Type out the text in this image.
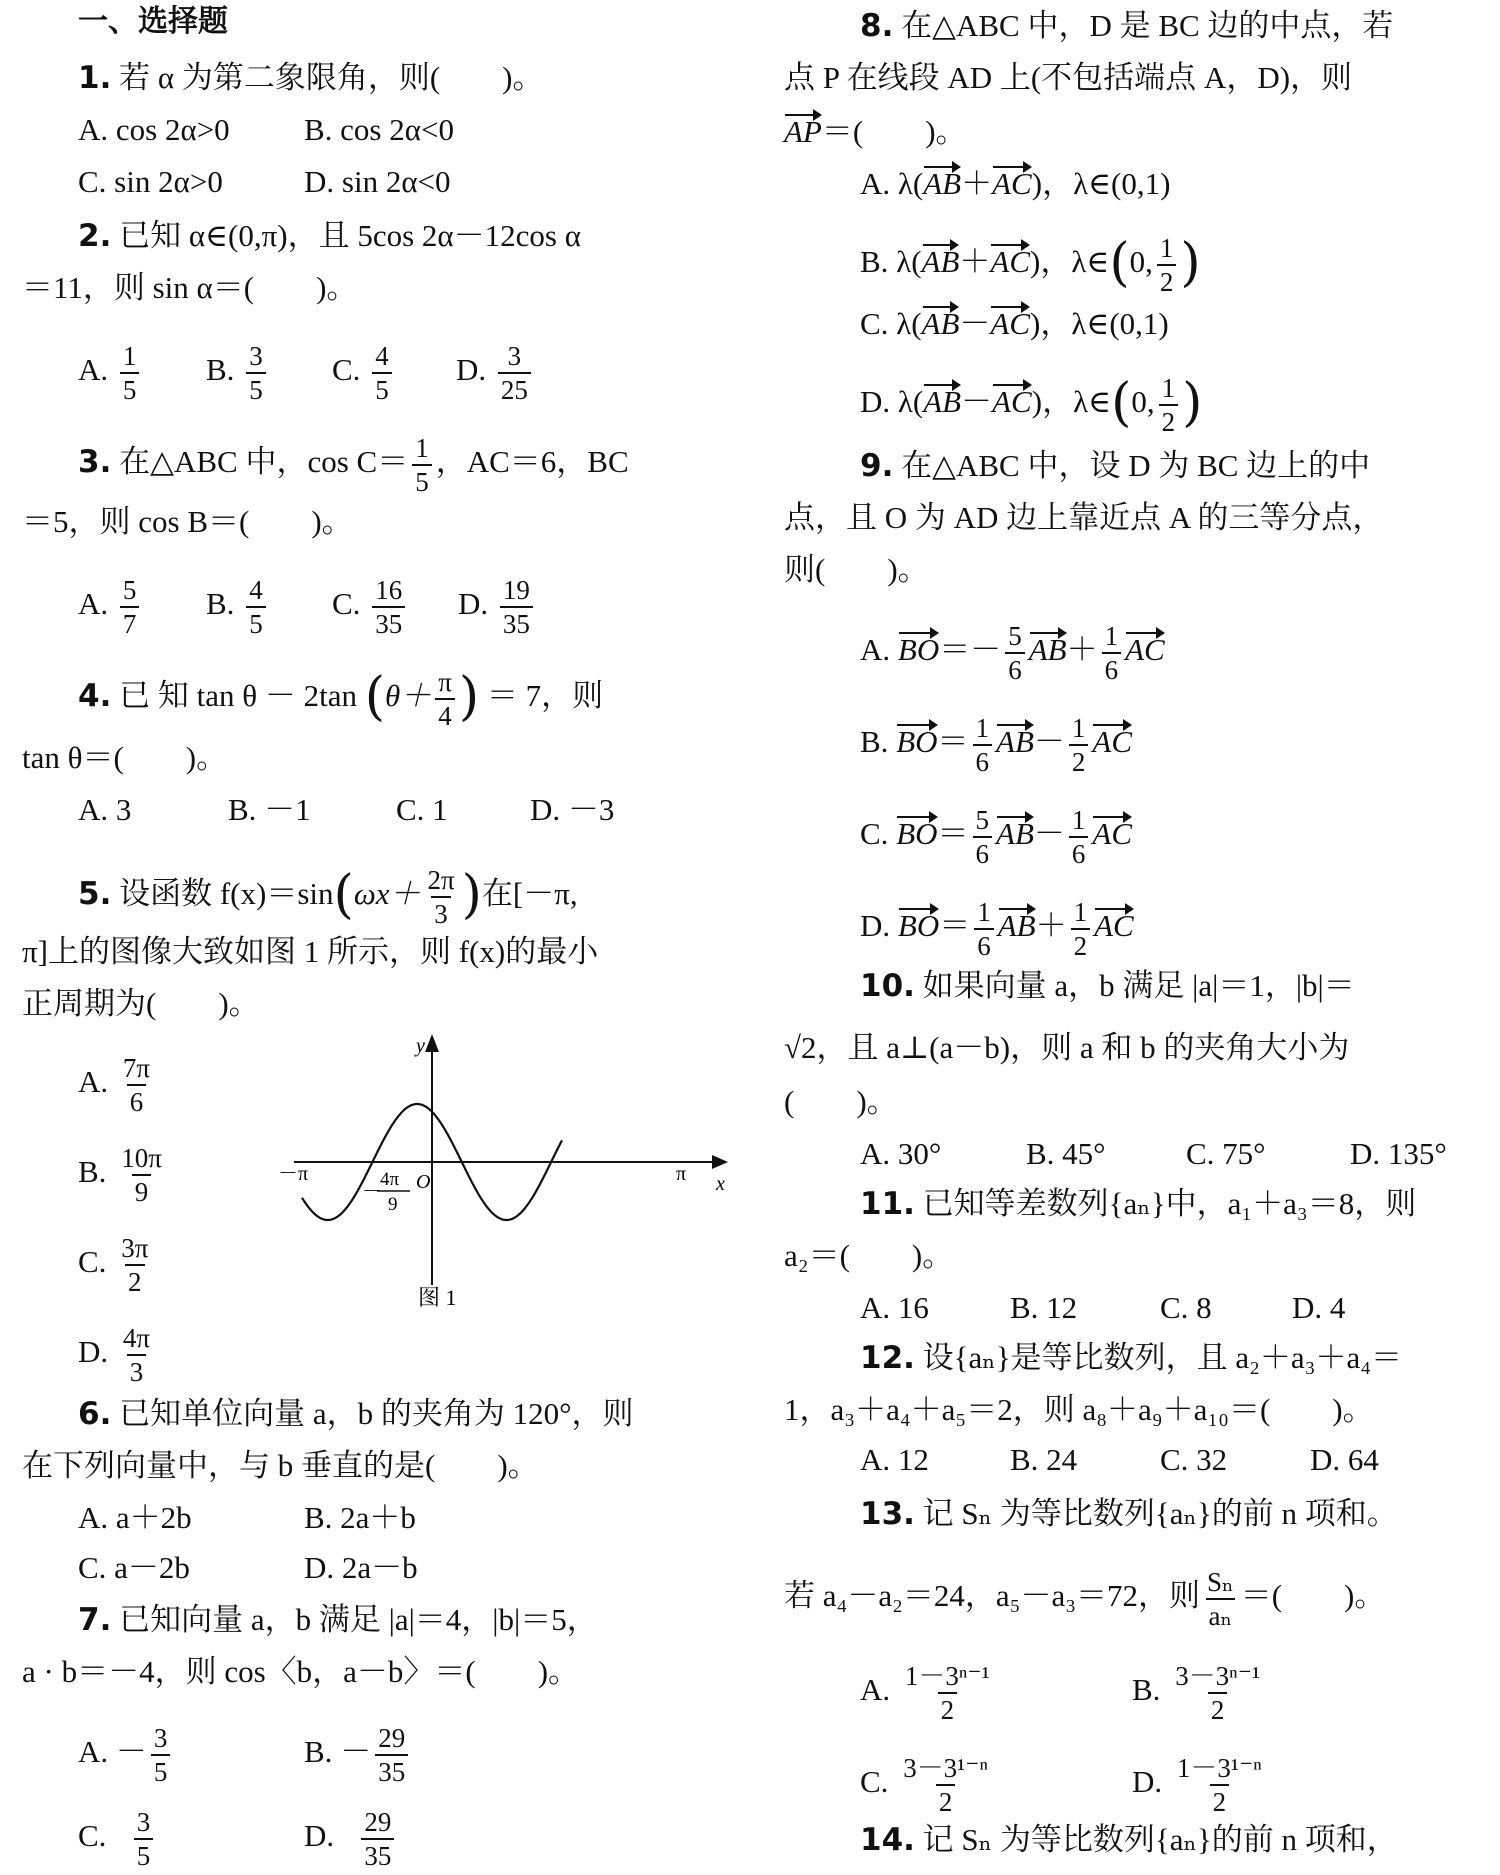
一、选择题
1. 若 α 为第二象限角，则(　　)。
A. cos 2α>0 B. cos 2α<0
C. sin 2α>0	D. sin 2α<0
2. 已知 α∈(0,π)，且 5cos 2α－12cos α
＝11，则 sin α＝(　　)。
A. $\frac{1}{5} B$. $\frac{3}{5} C$. $\frac{4}{5} D$. $\frac{3}{25}$
3. 在△ABC 中，$\cos C= \frac{1}{5}$ ，AC＝6，BC
＝5，则 cos B＝(　　)。
A. $\frac{5}{7} B$. $\frac{4}{5} C$. $\frac{16}{35} D$. $\frac{19}{35}$
4. 已 知 tan θ － 2tan ($\theta+ \frac{\pi}{4}$ ) ＝ 7，则
tan θ＝(　　)。
A. 3	B. －1	C. 1	D. －3
5. 设函数 $f(x)=\sin(\omega x+ \frac{2\pi}{3}$ )在[－π,
π]上的图像大致如图 1 所示，则 f(x)的最小
正周期为(　　)。
A. $\frac{7\pi}{6}$
B. $\frac{10\pi}{9}$
C. $\frac{3\pi}{2}$
D. $\frac{4\pi}{3}$
y
x
－π	π
O
－
4π
9
图 1
6. 已知单位向量 a，b 的夹角为 120°，则
在下列向量中，与 b 垂直的是(　　)。
A. a＋2b	B. 2a＋b
C. a－2b	D. 2a－b
7. 已知向量 a，b 满足 |a|＝4，|b|＝5，
a · b＝－4，则 cos〈b，a－b〉＝(　　)。
A. － $\frac{3}{5}$	B. － $\frac{29}{35}$
C.   $\frac{3}{5}$	D.   $\frac{29}{35}$
8. 在△ABC 中，D 是 BC 边的中点，若
点 P 在线段 AD 上(不包括端点 A，D)，则
AP＝(　　)。
A. λ(AB＋AC)，λ∈(0,1)
B. λ(AB＋AC)，λ∈(0, $\frac{1}{2}$ )
C. λ(AB－AC)，λ∈(0,1)
D. λ(AB－AC)，λ∈(0, $\frac{1}{2}$ )
9. 在△ABC 中，设 D 为 BC 边上的中
点，且 O 为 AD 边上靠近点 A 的三等分点，
则(　　)。
A. $BO=- \frac{5}{6} AB+ \frac{1}{6}$ AC
B. $BO= \frac{1}{6} AB- \frac{1}{2}$ AC
C. $BO= \frac{5}{6} AB- \frac{1}{6}$ AC
D. $BO= \frac{1}{6} AB+ \frac{1}{2}$ AC
10. 如果向量 a，b 满足 |a|＝1，|b|＝
√2，且 a⊥(a－b)，则 a 和 b 的夹角大小为
(　　)。
A. 30°	B. 45°	C. 75°	D. 135°
11. 已知等差数列{aₙ}中，a₁＋a₃＝8，则
a₂＝(　　)。
A. 16	B. 12	C. 8	D. 4
12. 设{aₙ}是等比数列，且 a₂＋a₃＋a₄＝
1，a₃＋a₄＋a₅＝2，则 a₈＋a₉＋a₁₀＝(　　)。
A. 12	B. 24	C. 32	D. 64
13. 记 Sₙ 为等比数列{aₙ}的前 n 项和。
若 a₄－a₂＝24，a₅－a₃＝72，则 $\frac{\text{Sₙ}}{\text{aₙ}}$ ＝(　　)。
A. $\frac{\text{1－3ⁿ⁻¹}}{2}$	B. $\frac{\text{3－3ⁿ⁻¹}}{2}$
C. $\frac{\text{3－3¹⁻ⁿ}}{2}$	D. $\frac{\text{1－3¹⁻ⁿ}}{2}$
14. 记 Sₙ 为等比数列{aₙ}的前 n 项和，
